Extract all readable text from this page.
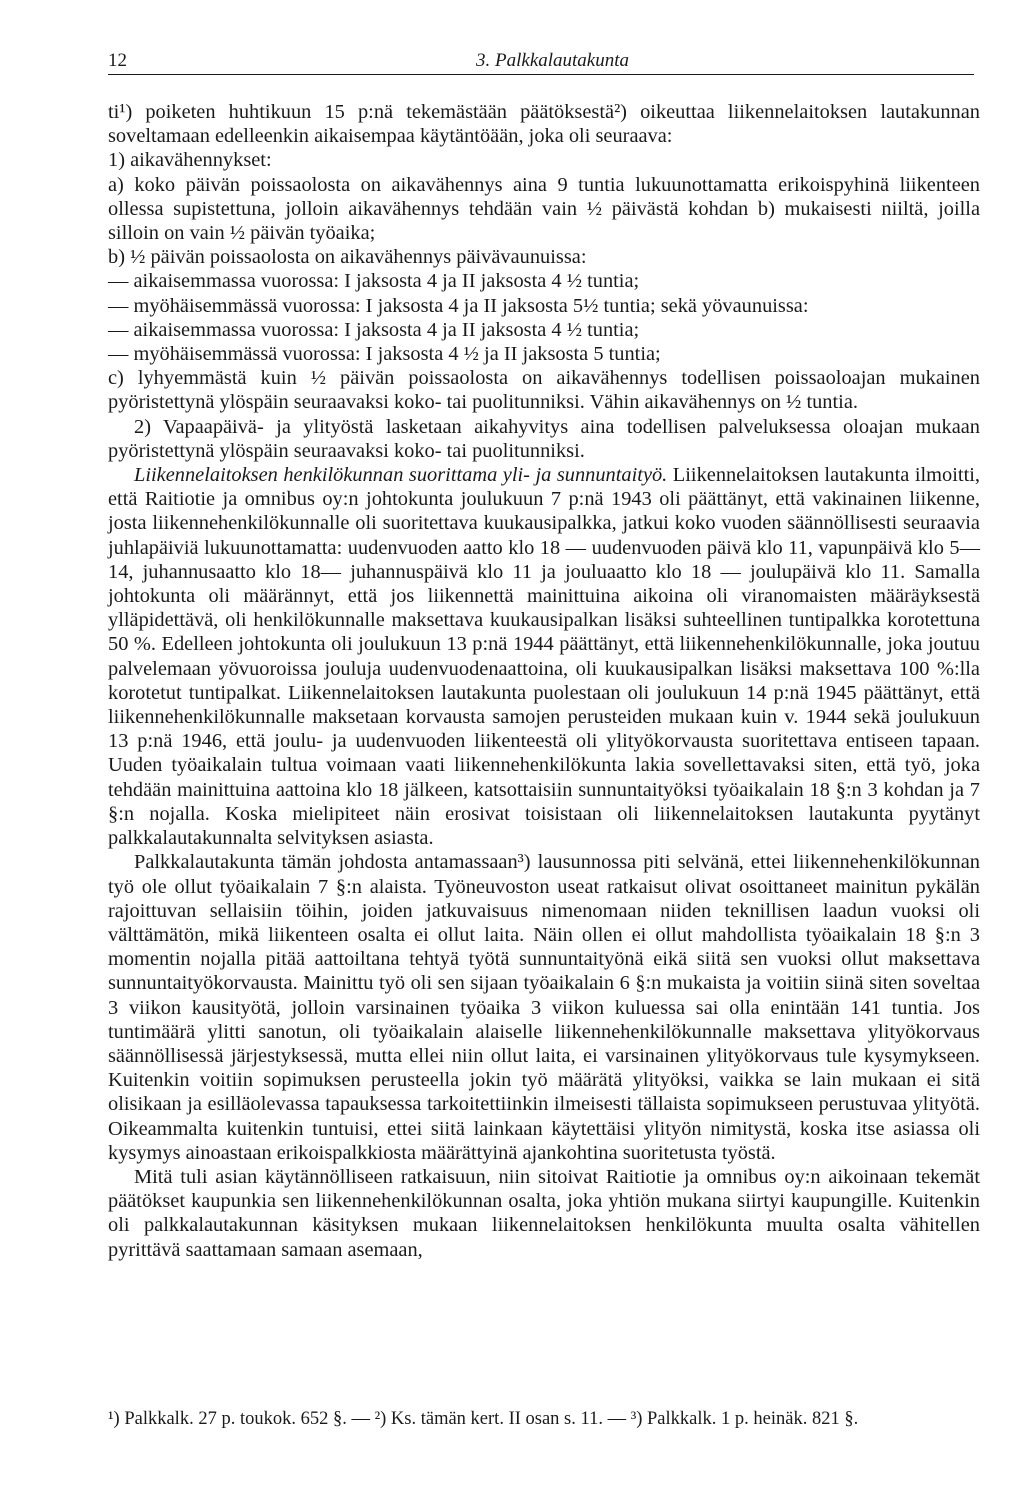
12	3. Palkkalautakunta

ti¹) poiketen huhtikuun 15 p:nä tekemästään päätöksestä²) oikeuttaa liikennelaitoksen lautakunnan soveltamaan edelleenkin aikaisempaa käytäntöään, joka oli seuraava:

1) aikavähennykset:

a) koko päivän poissaolosta on aikavähennys aina 9 tuntia lukuunottamatta erikoispyhinä liikenteen ollessa supistettuna, jolloin aikavähennys tehdään vain ½ päivästä kohdan b) mukaisesti niiltä, joilla silloin on vain ½ päivän työaika;

b) ½ päivän poissaolosta on aikavähennys päivävaunuissa:

— aikaisemmassa vuorossa: I jaksosta 4 ja II jaksosta 4 ½ tuntia;

— myöhäisemmässä vuorossa: I jaksosta 4 ja II jaksosta 5½ tuntia; sekä yövaunuissa:

— aikaisemmassa vuorossa: I jaksosta 4 ja II jaksosta 4 ½ tuntia;

— myöhäisemmässä vuorossa: I jaksosta 4 ½ ja II jaksosta 5 tuntia;

c) lyhyemmästä kuin ½ päivän poissaolosta on aikavähennys todellisen poissaoloajan mukainen pyöristettynä ylöspäin seuraavaksi koko- tai puolitunniksi. Vähin aikavähennys on ½ tuntia.

2) Vapaapäivä- ja ylityöstä lasketaan aikahyvitys aina todellisen palveluksessa oloajan mukaan pyöristettynä ylöspäin seuraavaksi koko- tai puolitunniksi.

Liikennelaitoksen henkilökunnan suorittama yli- ja sunnuntaityö. Liikennelaitoksen lautakunta ilmoitti, että Raitiotie ja omnibus oy:n johtokunta joulukuun 7 p:nä 1943 oli päättänyt, että vakinainen liikenne, josta liikennehenkilökunnalle oli suoritettava kuukausipalkka, jatkui koko vuoden säännöllisesti seuraavia juhlapäiviä lukuunottamatta: uudenvuoden aatto klo 18 — uudenvuoden päivä klo 11, vapunpäivä klo 5—14, juhannusaatto klo 18— juhannuspäivä klo 11 ja jouluaatto klo 18 — joulupäivä klo 11. Samalla johtokunta oli määrännyt, että jos liikennettä mainittuina aikoina oli viranomaisten määräyksestä ylläpidettävä, oli henkilökunnalle maksettava kuukausipalkan lisäksi suhteellinen tuntipalkka korotettuna 50 %. Edelleen johtokunta oli joulukuun 13 p:nä 1944 päättänyt, että liikennehenkilökunnalle, joka joutuu palvelemaan yövuoroissa jouluja uudenvuodenaattoina, oli kuukausipalkan lisäksi maksettava 100 %:lla korotetut tuntipalkat. Liikennelaitoksen lautakunta puolestaan oli joulukuun 14 p:nä 1945 päättänyt, että liikennehenkilökunnalle maksetaan korvausta samojen perusteiden mukaan kuin v. 1944 sekä joulukuun 13 p:nä 1946, että joulu- ja uudenvuoden liikenteestä oli ylityökorvausta suoritettava entiseen tapaan. Uuden työaikalain tultua voimaan vaati liikennehenkilökunta lakia sovellettavaksi siten, että työ, joka tehdään mainittuina aattoina klo 18 jälkeen, katsottaisiin sunnuntaityöksi työaikalain 18 §:n 3 kohdan ja 7 §:n nojalla. Koska mielipiteet näin erosivat toisistaan oli liikennelaitoksen lautakunta pyytänyt palkkalautakunnalta selvityksen asiasta.

Palkkalautakunta tämän johdosta antamassaan³) lausunnossa piti selvänä, ettei liikennehenkilökunnan työ ole ollut työaikalain 7 §:n alaista. Työneuvoston useat ratkaisut olivat osoittaneet mainitun pykälän rajoittuvan sellaisiin töihin, joiden jatkuvaisuus nimenomaan niiden teknillisen laadun vuoksi oli välttämätön, mikä liikenteen osalta ei ollut laita. Näin ollen ei ollut mahdollista työaikalain 18 §:n 3 momentin nojalla pitää aattoiltana tehtyä työtä sunnuntaityönä eikä siitä sen vuoksi ollut maksettava sunnuntaityökorvausta. Mainittu työ oli sen sijaan työaikalain 6 §:n mukaista ja voitiin siinä siten soveltaa 3 viikon kausityötä, jolloin varsinainen työaika 3 viikon kuluessa sai olla enintään 141 tuntia. Jos tuntimäärä ylitti sanotun, oli työaikalain alaiselle liikennehenkilökunnalle maksettava ylityökorvaus säännöllisessä järjestyksessä, mutta ellei niin ollut laita, ei varsinainen ylityökorvaus tule kysymykseen. Kuitenkin voitiin sopimuksen perusteella jokin työ määrätä ylityöksi, vaikka se lain mukaan ei sitä olisikaan ja esilläolevassa tapauksessa tarkoitettiinkin ilmeisesti tällaista sopimukseen perustuvaa ylityötä. Oikeammalta kuitenkin tuntuisi, ettei siitä lainkaan käytettäisi ylityön nimitystä, koska itse asiassa oli kysymys ainoastaan erikoispalkkiosta määrättyinä ajankohtina suoritetusta työstä.

Mitä tuli asian käytännölliseen ratkaisuun, niin sitoivat Raitiotie ja omnibus oy:n aikoinaan tekemät päätökset kaupunkia sen liikennehenkilökunnan osalta, joka yhtiön mukana siirtyi kaupungille. Kuitenkin oli palkkalautakunnan käsityksen mukaan liikennelaitoksen henkilökunta muulta osalta vähitellen pyrittävä saattamaan samaan asemaan,

¹) Palkkalk. 27 p. toukok. 652 §. — ²) Ks. tämän kert. II osan s. 11. — ³) Palkkalk. 1 p. heinäk. 821 §.
